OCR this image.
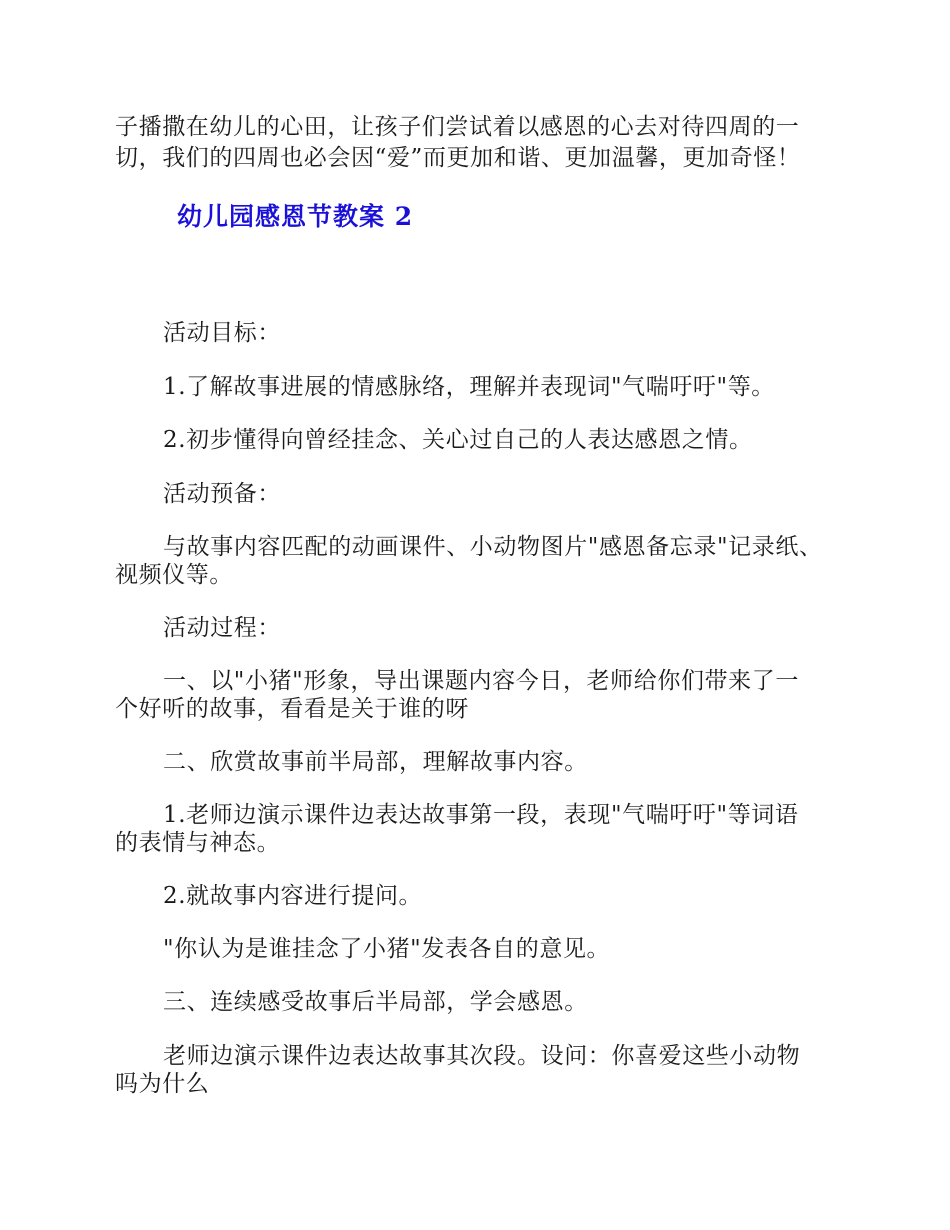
子播撒在幼儿的心田，让孩子们尝试着以感恩的心去对待四周的一
切，我们的四周也必会因“爱”而更加和谐、更加温馨，更加奇怪！
幼儿园感恩节教案 2
活动目标：
1.了解故事进展的情感脉络，理解并表现词"气喘吁吁"等。
2.初步懂得向曾经挂念、关心过自己的人表达感恩之情。
活动预备：
与故事内容匹配的动画课件、小动物图片"感恩备忘录"记录纸、
视频仪等。
活动过程：
一、以"小猪"形象，导出课题内容今日，老师给你们带来了一
个好听的故事，看看是关于谁的呀
二、欣赏故事前半局部，理解故事内容。
1.老师边演示课件边表达故事第一段，表现"气喘吁吁"等词语
的表情与神态。
2.就故事内容进行提问。
"你认为是谁挂念了小猪"发表各自的意见。
三、连续感受故事后半局部，学会感恩。
老师边演示课件边表达故事其次段。设问：你喜爱这些小动物
吗为什么
